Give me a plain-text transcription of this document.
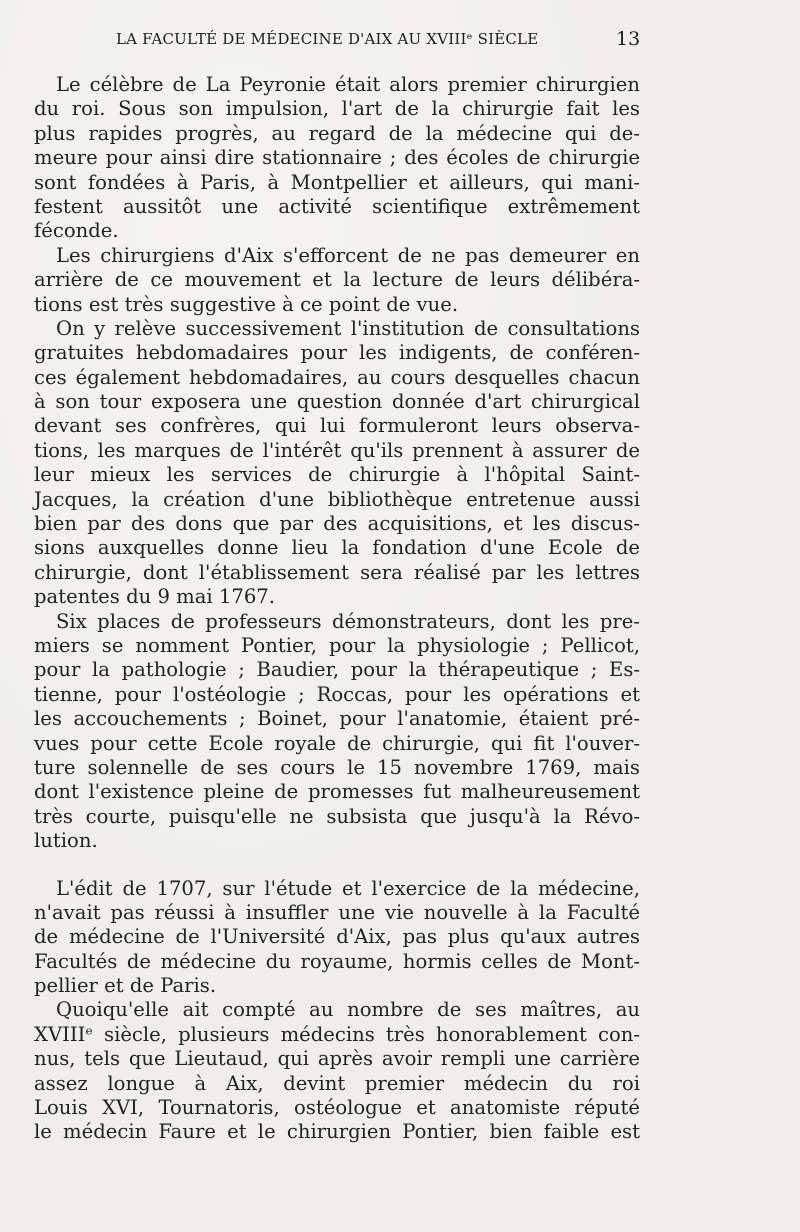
LA FACULTÉ DE MÉDECINE D'AIX AU XVIIIᵉ SIÈCLE	13
Le célèbre de La Peyronie était alors premier chirurgien
du roi. Sous son impulsion, l'art de la chirurgie fait les
plus rapides progrès, au regard de la médecine qui de-
meure pour ainsi dire stationnaire ; des écoles de chirurgie
sont fondées à Paris, à Montpellier et ailleurs, qui mani-
festent aussitôt une activité scientifique extrêmement
féconde.
Les chirurgiens d'Aix s'efforcent de ne pas demeurer en
arrière de ce mouvement et la lecture de leurs délibéra-
tions est très suggestive à ce point de vue.
On y relève successivement l'institution de consultations
gratuites hebdomadaires pour les indigents, de conféren-
ces également hebdomadaires, au cours desquelles chacun
à son tour exposera une question donnée d'art chirurgical
devant ses confrères, qui lui formuleront leurs observa-
tions, les marques de l'intérêt qu'ils prennent à assurer de
leur mieux les services de chirurgie à l'hôpital Saint-
Jacques, la création d'une bibliothèque entretenue aussi
bien par des dons que par des acquisitions, et les discus-
sions auxquelles donne lieu la fondation d'une Ecole de
chirurgie, dont l'établissement sera réalisé par les lettres
patentes du 9 mai 1767.
Six places de professeurs démonstrateurs, dont les pre-
miers se nomment Pontier, pour la physiologie ; Pellicot,
pour la pathologie ; Baudier, pour la thérapeutique ; Es-
tienne, pour l'ostéologie ; Roccas, pour les opérations et
les accouchements ; Boinet, pour l'anatomie, étaient pré-
vues pour cette Ecole royale de chirurgie, qui fit l'ouver-
ture solennelle de ses cours le 15 novembre 1769, mais
dont l'existence pleine de promesses fut malheureusement
très courte, puisqu'elle ne subsista que jusqu'à la Révo-
lution.
L'édit de 1707, sur l'étude et l'exercice de la médecine,
n'avait pas réussi à insuffler une vie nouvelle à la Faculté
de médecine de l'Université d'Aix, pas plus qu'aux autres
Facultés de médecine du royaume, hormis celles de Mont-
pellier et de Paris.
Quoiqu'elle ait compté au nombre de ses maîtres, au
XVIIIᵉ siècle, plusieurs médecins très honorablement con-
nus, tels que Lieutaud, qui après avoir rempli une carrière
assez longue à Aix, devint premier médecin du roi
Louis XVI, Tournatoris, ostéologue et anatomiste réputé
le médecin Faure et le chirurgien Pontier, bien faible est
